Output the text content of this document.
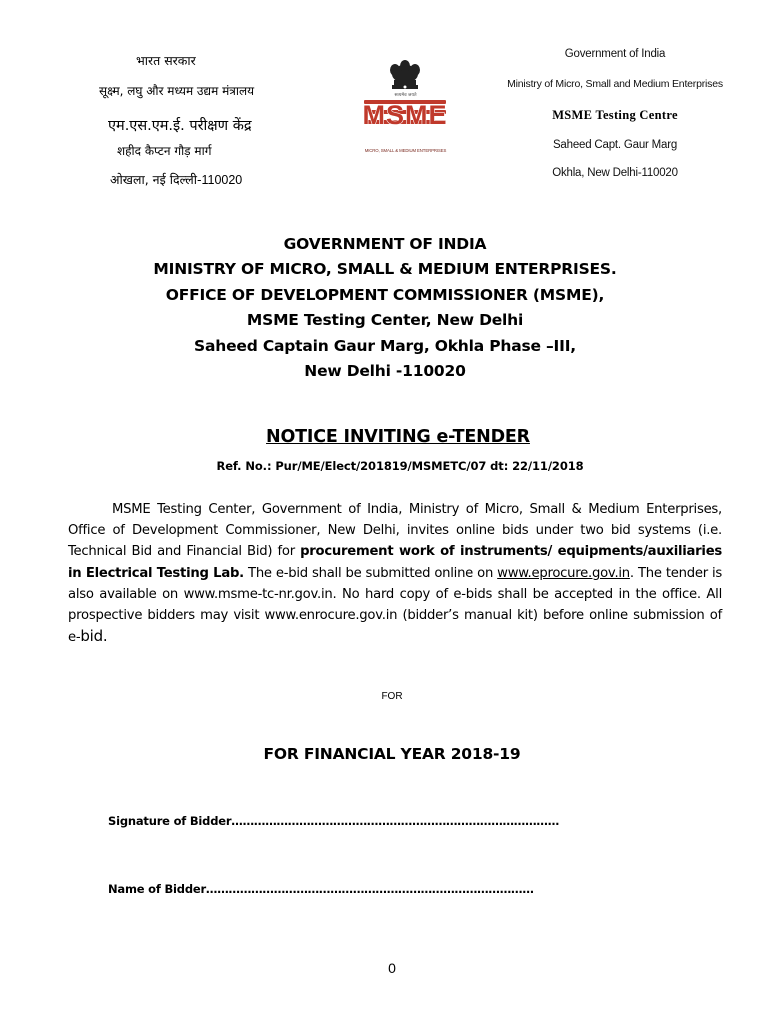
भारत सरकार
सूक्ष्म, लघु और मध्यम उद्यम मंत्रालय
एम.एस.एम.ई. परीक्षण केंद्र
शहीद कैप्टन गौड़ मार्ग
ओखला, नई दिल्ली-110020
MSME
सत्यमेव जयते
MICRO, SMALL & MEDIUM ENTERPRISES
Government of India
Ministry of Micro, Small and Medium Enterprises
MSME Testing Centre
Saheed Capt. Gaur Marg
Okhla, New Delhi-110020
GOVERNMENT OF INDIA
MINISTRY OF MICRO, SMALL & MEDIUM ENTERPRISES.
OFFICE OF DEVELOPMENT COMMISSIONER (MSME),
MSME Testing Center, New Delhi
Saheed Captain Gaur Marg, Okhla Phase –III,
New Delhi -110020
NOTICE INVITING e-TENDER
Ref. No.: Pur/ME/Elect/201819/MSMETC/07 dt: 22/11/2018
MSME Testing Center, Government of India, Ministry of Micro, Small & Medium Enterprises, Office of Development Commissioner, New Delhi, invites online bids under two bid systems (i.e. Technical Bid and Financial Bid) for procurement work of instruments/ equipments/auxiliaries in Electrical Testing Lab. The e-bid shall be submitted online on www.eprocure.gov.in. The tender is also available on www.msme-tc-nr.gov.in. No hard copy of e-bids shall be accepted in the office. All prospective bidders may visit www.enrocure.gov.in (bidder’s manual kit) before online submission of e-bid.
FOR
FOR FINANCIAL YEAR 2018-19
Signature of Bidder……………………………………………………………………………
Name of Bidder……………………………………………………………………………
0
